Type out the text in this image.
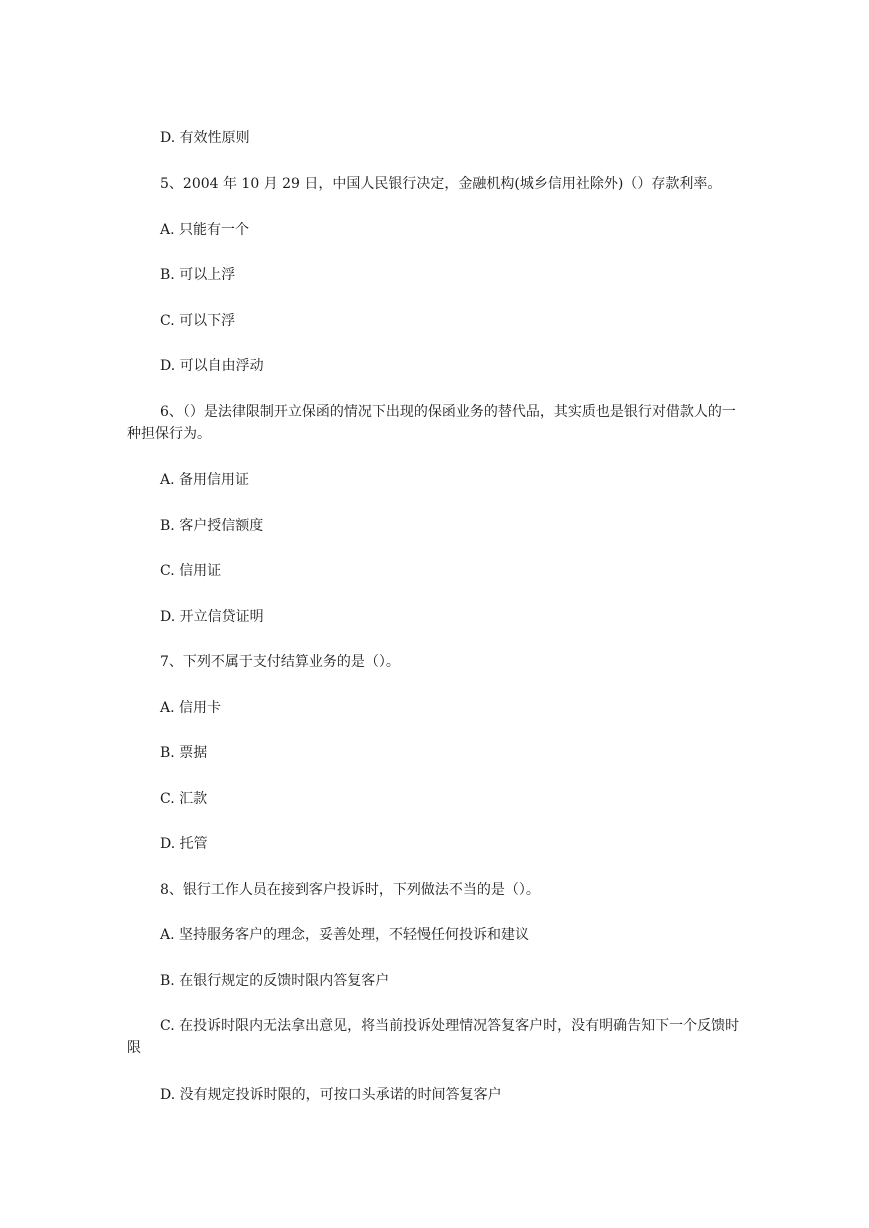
D. 有效性原则
5、2004 年 10 月 29 日，中国人民银行决定，金融机构(城乡信用社除外)（）存款利率。
A. 只能有一个
B. 可以上浮
C. 可以下浮
D. 可以自由浮动
6、（）是法律限制开立保函的情况下出现的保函业务的替代品，其实质也是银行对借款人的一种担保行为。
A. 备用信用证
B. 客户授信额度
C. 信用证
D. 开立信贷证明
7、下列不属于支付结算业务的是（）。
A. 信用卡
B. 票据
C. 汇款
D. 托管
8、银行工作人员在接到客户投诉时，下列做法不当的是（）。
A. 坚持服务客户的理念，妥善处理，不轻慢任何投诉和建议
B. 在银行规定的反馈时限内答复客户
C. 在投诉时限内无法拿出意见，将当前投诉处理情况答复客户时，没有明确告知下一个反馈时限
D. 没有规定投诉时限的，可按口头承诺的时间答复客户
